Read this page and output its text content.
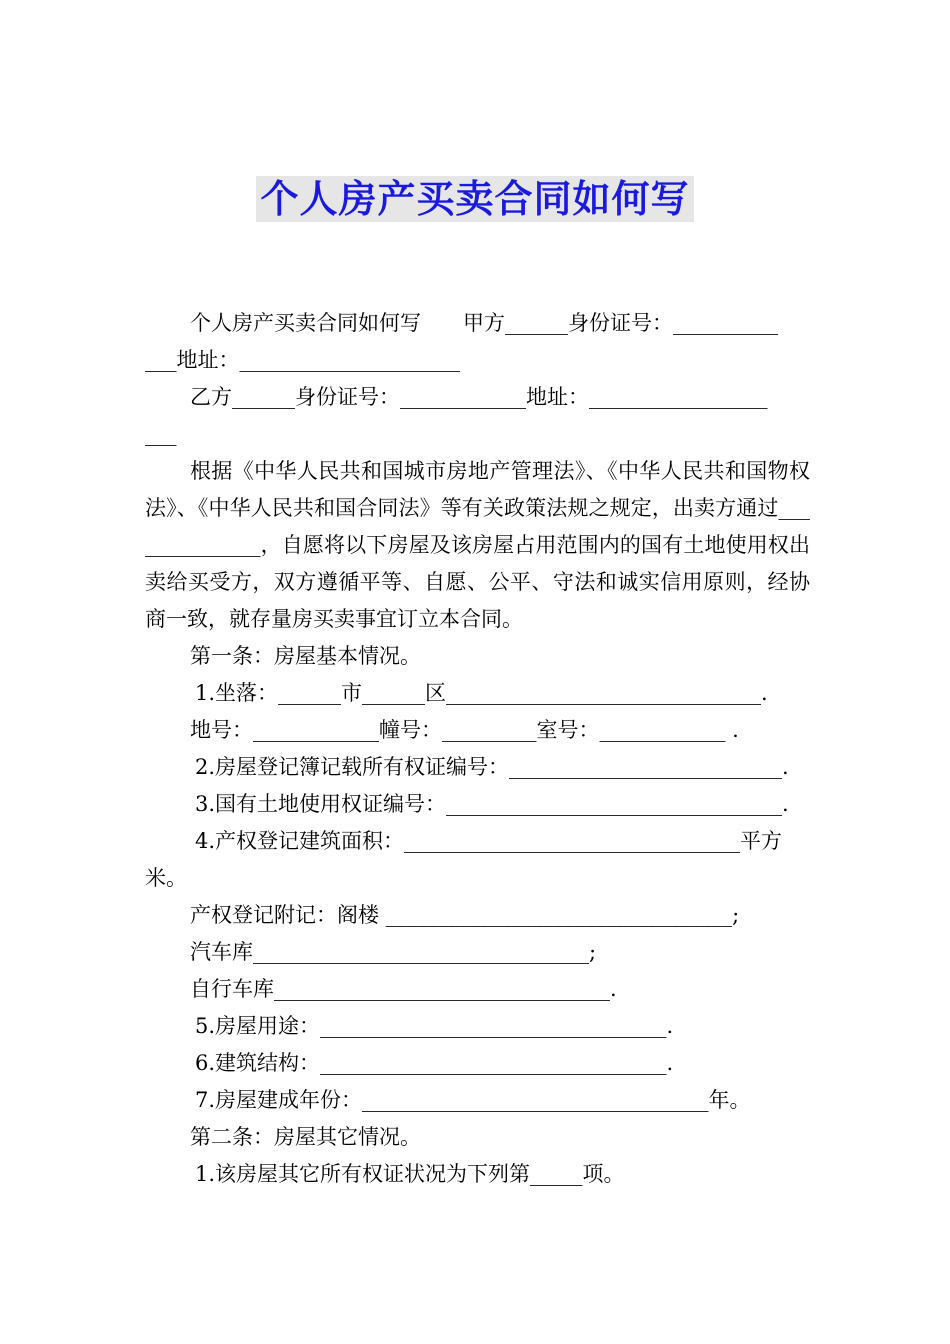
个人房产买卖合同如何写

个人房产买卖合同如何写　　甲方______身份证号：__________

___地址：_____________________

乙方______身份证号：____________地址：_________________

___

根据《中华人民共和国城市房地产管理法》、《中华人民共和国物权法》、《中华人民共和国合同法》等有关政策法规之规定，出卖方通过______________，自愿将以下房屋及该房屋占用范围内的国有土地使用权出卖给买受方，双方遵循平等、自愿、公平、守法和诚实信用原则，经协商一致，就存量房买卖事宜订立本合同。

第一条：房屋基本情况。

1.坐落：______市______区______________________________.

地号：____________幢号：_________室号：____________ .

2.房屋登记簿记载所有权证编号：__________________________.

3.国有土地使用权证编号：________________________________.

4.产权登记建筑面积：________________________________平方

米。

产权登记附记：阁楼 _________________________________;

汽车库________________________________;

自行车库________________________________.

5.房屋用途：_________________________________.

6.建筑结构：_________________________________.

7.房屋建成年份：_________________________________年。

第二条：房屋其它情况。

1.该房屋其它所有权证状况为下列第_____项。
